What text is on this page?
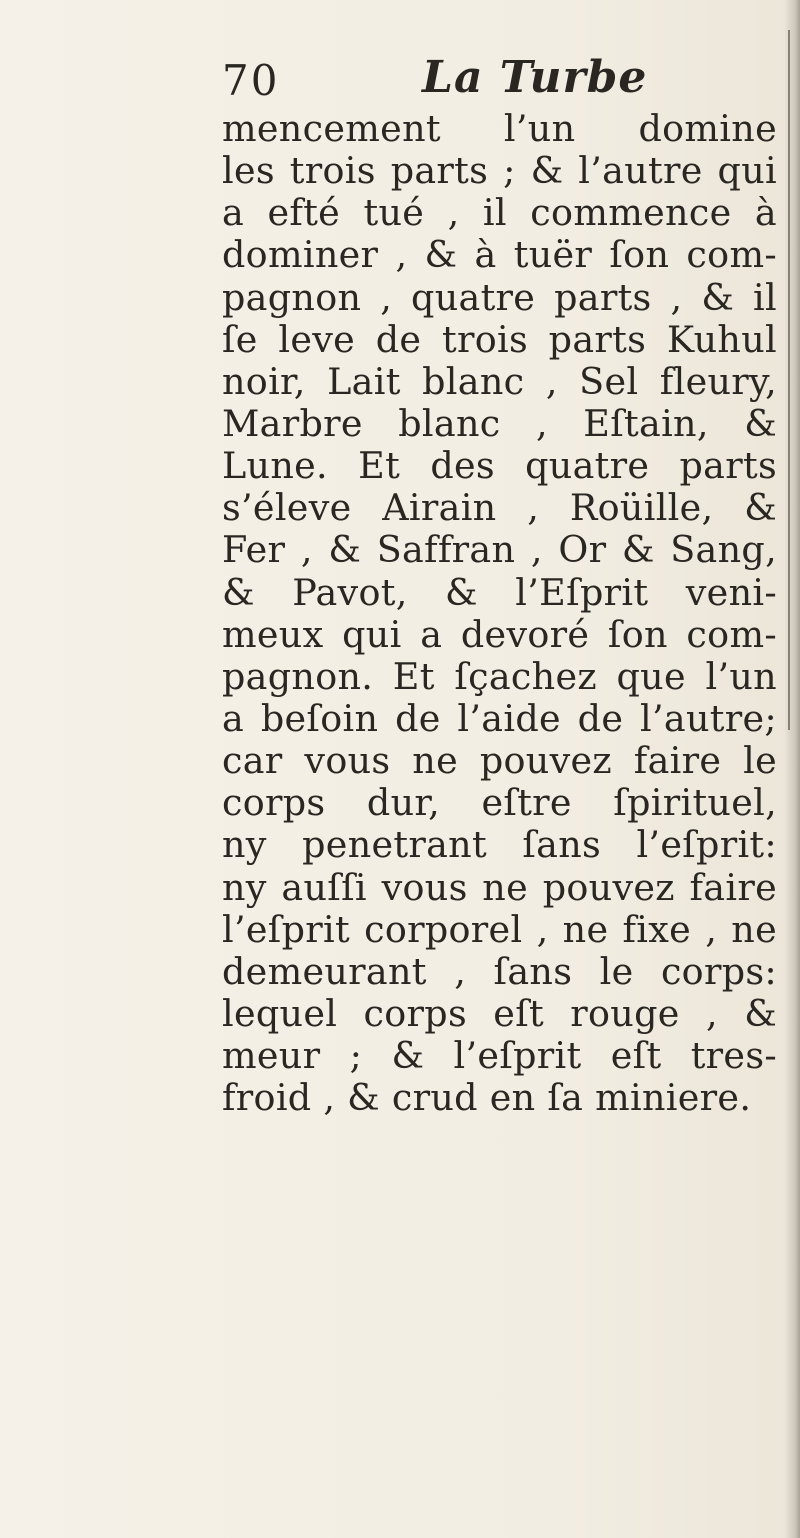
70	La Turbe
mencement l’un domine
les trois parts ; & l’autre qui
a efté tué , il commence à
dominer , & à tuër ſon com-
pagnon , quatre parts , & il
ſe leve de trois parts Kuhul
noir, Lait blanc , Sel fleury,
Marbre blanc , Eſtain, &
Lune. Et des quatre parts
s’éleve Airain , Roüille, &
Fer , & Saffran , Or & Sang,
& Pavot, & l’Eſprit veni-
meux qui a devoré ſon com-
pagnon. Et ſçachez que l’un
a beſoin de l’aide de l’autre;
car vous ne pouvez faire le
corps dur, eſtre ſpirituel,
ny penetrant ſans l’eſprit:
ny auſſi vous ne pouvez faire
l’eſprit corporel , ne fixe , ne
demeurant , ſans le corps:
lequel corps eſt rouge , &
meur ; & l’eſprit eſt tres-
froid , & crud en ſa miniere.
